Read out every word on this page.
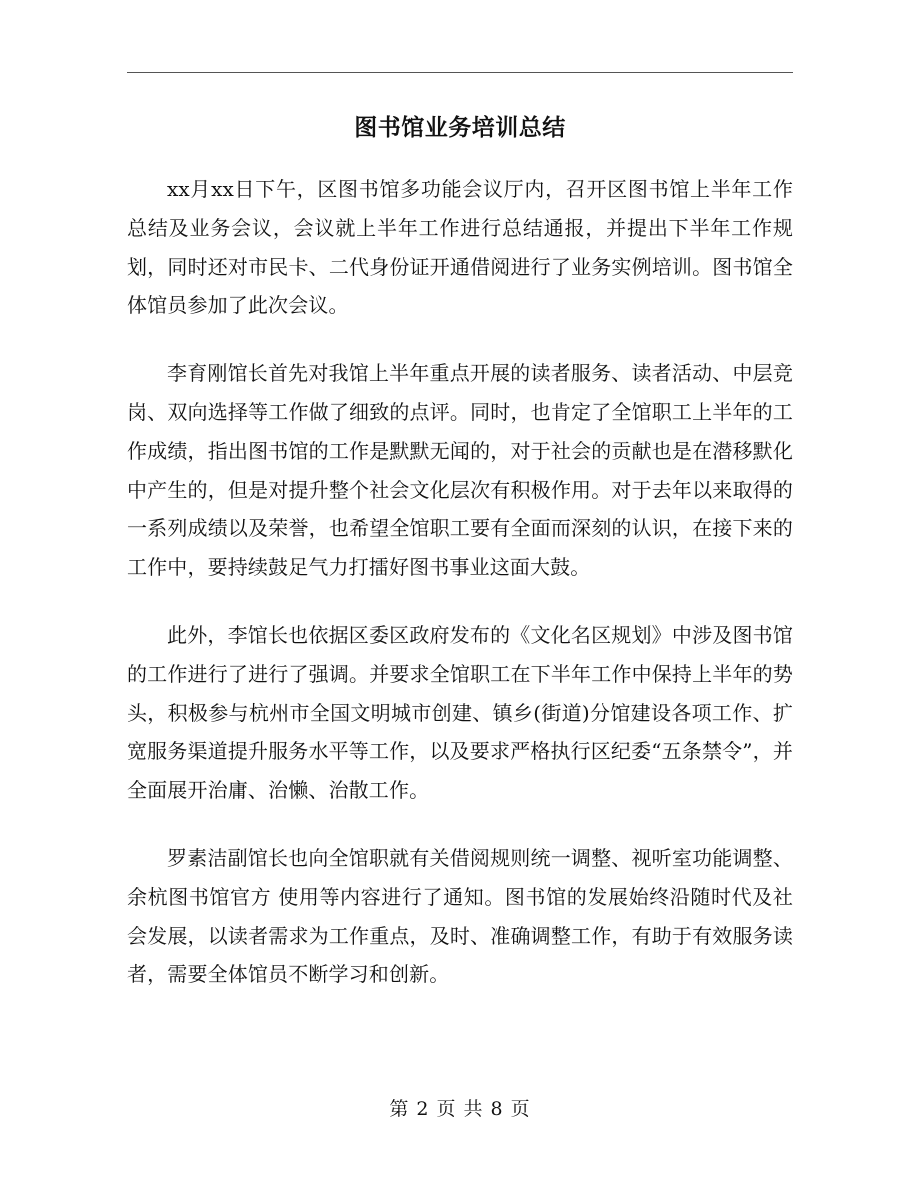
图书馆业务培训总结

xx月xx日下午，区图书馆多功能会议厅内，召开区图书馆上半年工作总结及业务会议，会议就上半年工作进行总结通报，并提出下半年工作规划，同时还对市民卡、二代身份证开通借阅进行了业务实例培训。图书馆全体馆员参加了此次会议。

李育刚馆长首先对我馆上半年重点开展的读者服务、读者活动、中层竞岗、双向选择等工作做了细致的点评。同时，也肯定了全馆职工上半年的工作成绩，指出图书馆的工作是默默无闻的，对于社会的贡献也是在潜移默化中产生的，但是对提升整个社会文化层次有积极作用。对于去年以来取得的一系列成绩以及荣誉，也希望全馆职工要有全面而深刻的认识，在接下来的工作中，要持续鼓足气力打擂好图书事业这面大鼓。

此外，李馆长也依据区委区政府发布的《文化名区规划》中涉及图书馆的工作进行了进行了强调。并要求全馆职工在下半年工作中保持上半年的势头，积极参与杭州市全国文明城市创建、镇乡(街道)分馆建设各项工作、扩宽服务渠道提升服务水平等工作，以及要求严格执行区纪委“五条禁令”，并全面展开治庸、治懒、治散工作。

罗素洁副馆长也向全馆职就有关借阅规则统一调整、视听室功能调整、余杭图书馆官方 使用等内容进行了通知。图书馆的发展始终沿随时代及社会发展，以读者需求为工作重点，及时、准确调整工作，有助于有效服务读者，需要全体馆员不断学习和创新。

第 2 页 共 8 页
